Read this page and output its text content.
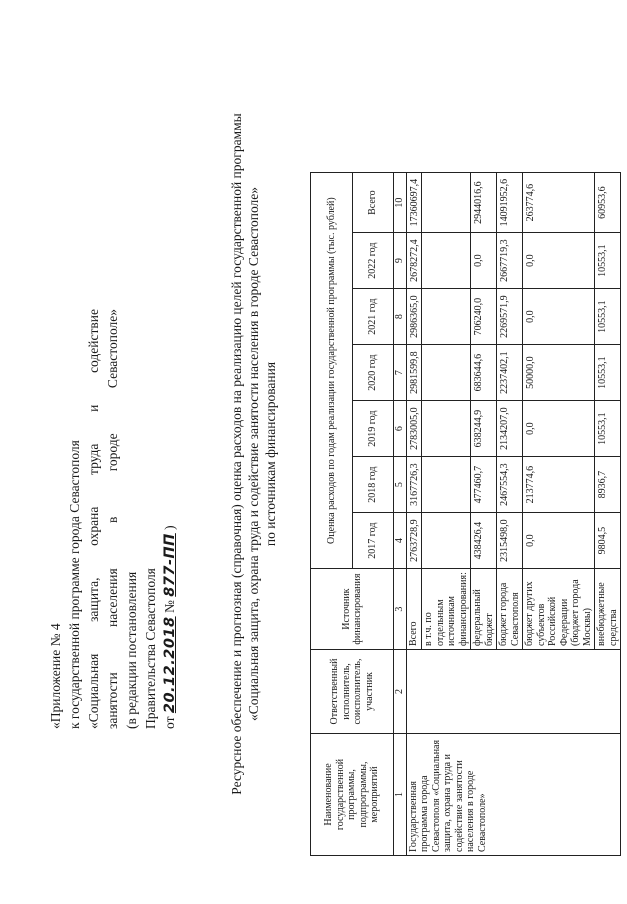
«Приложение № 4 к государственной программе города Севастополя «Социальная защита, охрана труда и содействие занятости населения в городе Севастополе» (в редакции постановления Правительства Севастополя от 20.12.2018 № 877-ПП )	Ресурсное обеспечение и прогнозная (справочная) оценка расходов на реализацию целей государственной программы «Социальная защита, охрана труда и содействие занятости населения в городе Севастополе» по источникам финансирования
Наименование государственной программы, подпрограммы, мероприятий	Ответственный исполнитель, соисполнитель, участник	Источник финансирования	Оценка расходов по годам реализации государственной программы (тыс. рублей)						
			2017 год	2018 год	2019 год	2020 год	2021 год	2022 год	Всего
1	2	3	4	5	6	7	8	9	10
Государственная программа города Севастополя «Социальная защита, охрана труда и содействие занятости населения в городе Севастополе»		Всего	2763728,9	3167726,3	2783005,0	2981599,8	2986365,0	2678272,4	17360697,4
		в т.ч. по отдельным источникам финансирования:							
		федеральный бюджет	438426,4	477460,7	638244,9	683644,6	706240,0	0,0	2944016,6
		бюджет города Севастополя	2315498,0	2467554,3	2134207,0	2237402,1	2269571,9	2667719,3	14091952,6
		бюджет других субъектов Российской Федерации (бюджет города Москвы)	0,0	213774,6	0,0	50000,0	0,0	0,0	263774,6
		внебюджетные средства	9804,5	8936,7	10553,1	10553,1	10553,1	10553,1	60953,6
